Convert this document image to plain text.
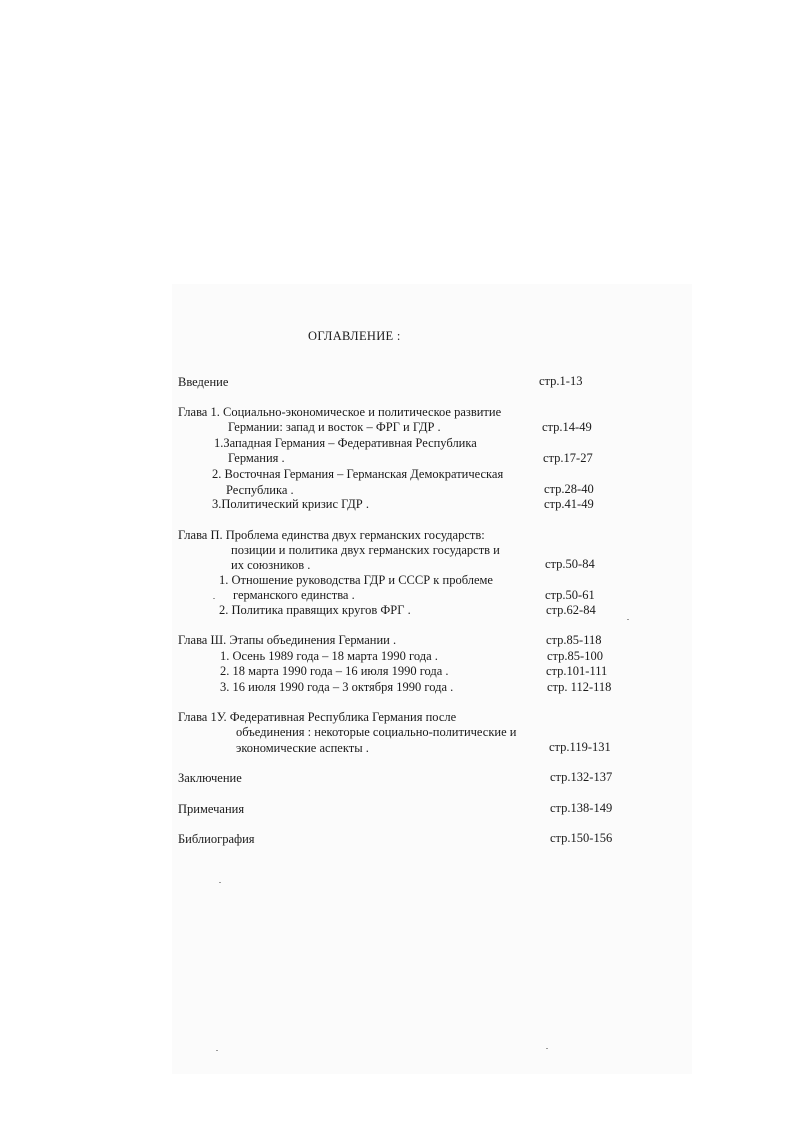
ОГЛАВЛЕНИЕ :
Введение	стр.1-13
Глава 1. Социально-экономическое и политическое развитие
Германии: запад и восток – ФРГ и ГДР .	стр.14-49
1.Западная Германия – Федеративная Республика
Германия .	стр.17-27
2. Восточная Германия – Германская Демократическая
Республика .	стр.28-40
3.Политический кризис ГДР .	стр.41-49
Глава П. Проблема единства двух германских государств:
позиции и политика двух германских государств и
их союзников .	стр.50-84
1. Отношение руководства ГДР и СССР к проблеме
германского единства .	стр.50-61
2. Политика правящих кругов ФРГ .	стр.62-84
Глава Ш. Этапы объединения Германии .	стр.85-118
1. Осень 1989 года – 18 марта 1990 года .	стр.85-100
2. 18 марта 1990 года – 16 июля 1990 года .	стр.101-111
3. 16 июля 1990 года – 3 октября 1990 года .	стр. 112-118
Глава 1У. Федеративная Республика Германия после
объединения : некоторые социально-политические и
экономические аспекты .	стр.119-131
Заключение	стр.132-137
Примечания	стр.138-149
Библиография	стр.150-156
